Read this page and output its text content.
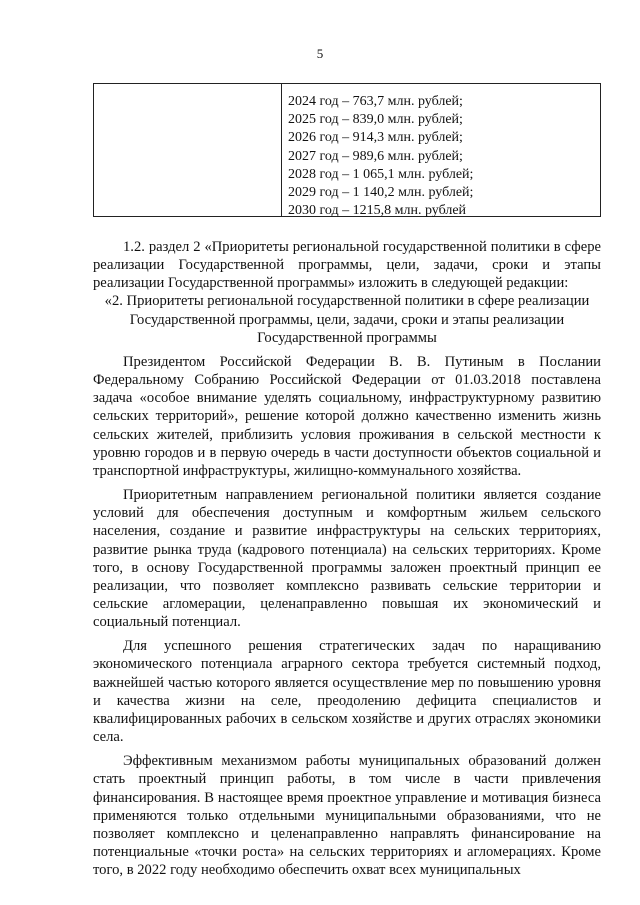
5
2024 год – 763,7 млн. рублей;
2025 год – 839,0 млн. рублей;
2026 год – 914,3 млн. рублей;
2027 год – 989,6 млн. рублей;
2028 год – 1 065,1 млн. рублей;
2029 год – 1 140,2 млн. рублей;
2030 год – 1215,8 млн. рублей

1.2. раздел 2 «Приоритеты региональной государственной политики в сфере реализации Государственной программы, цели, задачи, сроки и этапы реализации Государственной программы» изложить в следующей редакции:

«2. Приоритеты региональной государственной политики в сфере реализации Государственной программы, цели, задачи, сроки и этапы реализации Государственной программы

Президентом Российской Федерации В. В. Путиным в Послании Федеральному Собранию Российской Федерации от 01.03.2018 поставлена задача «особое внимание уделять социальному, инфраструктурному развитию сельских территорий», решение которой должно качественно изменить жизнь сельских жителей, приблизить условия проживания в сельской местности к уровню городов и в первую очередь в части доступности объектов социальной и транспортной инфраструктуры, жилищно-коммунального хозяйства.

Приоритетным направлением региональной политики является создание условий для обеспечения доступным и комфортным жильем сельского населения, создание и развитие инфраструктуры на сельских территориях, развитие рынка труда (кадрового потенциала) на сельских территориях. Кроме того, в основу Государственной программы заложен проектный принцип ее реализации, что позволяет комплексно развивать сельские территории и сельские агломерации, целенаправленно повышая их экономический и социальный потенциал.

Для успешного решения стратегических задач по наращиванию экономического потенциала аграрного сектора требуется системный подход, важнейшей частью которого является осуществление мер по повышению уровня и качества жизни на селе, преодолению дефицита специалистов и квалифицированных рабочих в сельском хозяйстве и других отраслях экономики села.

Эффективным механизмом работы муниципальных образований должен стать проектный принцип работы, в том числе в части привлечения финансирования. В настоящее время проектное управление и мотивация бизнеса применяются только отдельными муниципальными образованиями, что не позволяет комплексно и целенаправленно направлять финансирование на потенциальные «точки роста» на сельских территориях и агломерациях. Кроме того, в 2022 году необходимо обеспечить охват всех муниципальных
